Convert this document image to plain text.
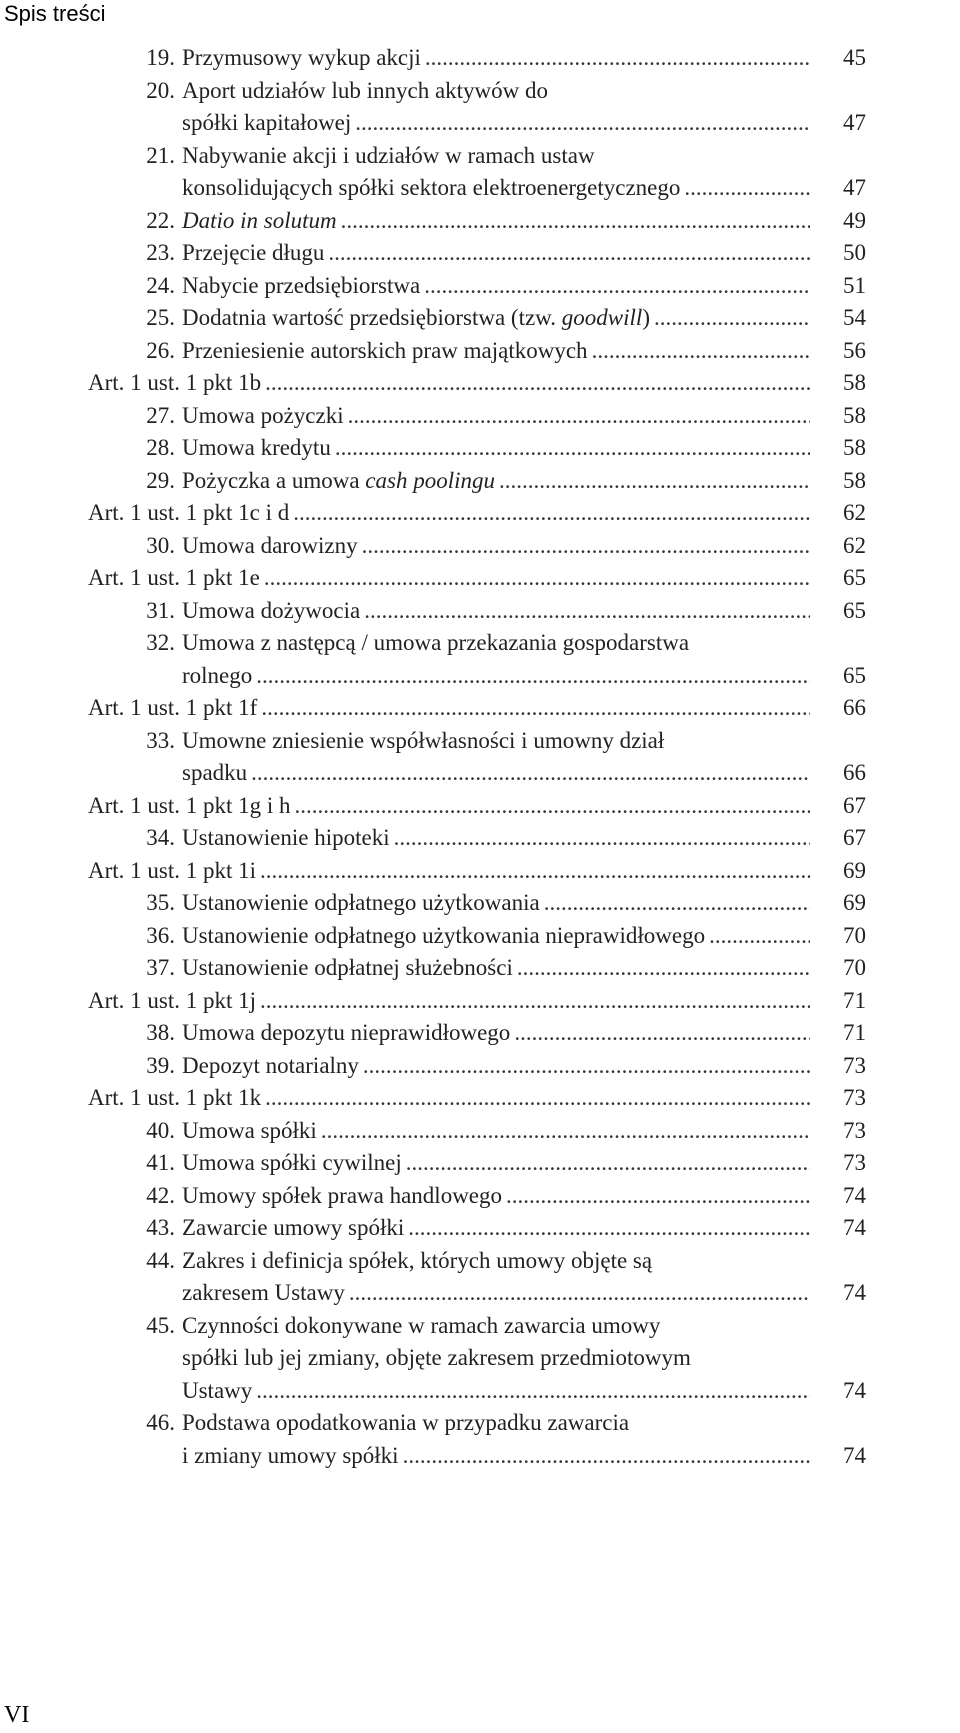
Spis treści
19. Przymusowy wykup akcji .....	45
20. Aport udziałów lub innych aktywów do
spółki kapitałowej .....	47
21. Nabywanie akcji i udziałów w ramach ustaw
konsolidujących spółki sektora elektroenergetycznego .....	47
22. Datio in solutum .....	49
23. Przejęcie długu .....	50
24. Nabycie przedsiębiorstwa .....	51
25. Dodatnia wartość przedsiębiorstwa (tzw. goodwill) .....	54
26. Przeniesienie autorskich praw majątkowych .....	56
Art. 1 ust. 1 pkt 1b .....	58
27. Umowa pożyczki .....	58
28. Umowa kredytu .....	58
29. Pożyczka a umowa cash poolingu .....	58
Art. 1 ust. 1 pkt 1c i d .....	62
30. Umowa darowizny .....	62
Art. 1 ust. 1 pkt 1e .....	65
31. Umowa dożywocia .....	65
32. Umowa z następcą / umowa przekazania gospodarstwa
rolnego .....	65
Art. 1 ust. 1 pkt 1f .....	66
33. Umowne zniesienie współwłasności i umowny dział
spadku .....	66
Art. 1 ust. 1 pkt 1g i h .....	67
34. Ustanowienie hipoteki .....	67
Art. 1 ust. 1 pkt 1i .....	69
35. Ustanowienie odpłatnego użytkowania .....	69
36. Ustanowienie odpłatnego użytkowania nieprawidłowego .....	70
37. Ustanowienie odpłatnej służebności .....	70
Art. 1 ust. 1 pkt 1j .....	71
38. Umowa depozytu nieprawidłowego .....	71
39. Depozyt notarialny .....	73
Art. 1 ust. 1 pkt 1k .....	73
40. Umowa spółki .....	73
41. Umowa spółki cywilnej .....	73
42. Umowy spółek prawa handlowego .....	74
43. Zawarcie umowy spółki .....	74
44. Zakres i definicja spółek, których umowy objęte są
zakresem Ustawy .....	74
45. Czynności dokonywane w ramach zawarcia umowy
spółki lub jej zmiany, objęte zakresem przedmiotowym
Ustawy .....	74
46. Podstawa opodatkowania w przypadku zawarcia
i zmiany umowy spółki .....	74
VI
